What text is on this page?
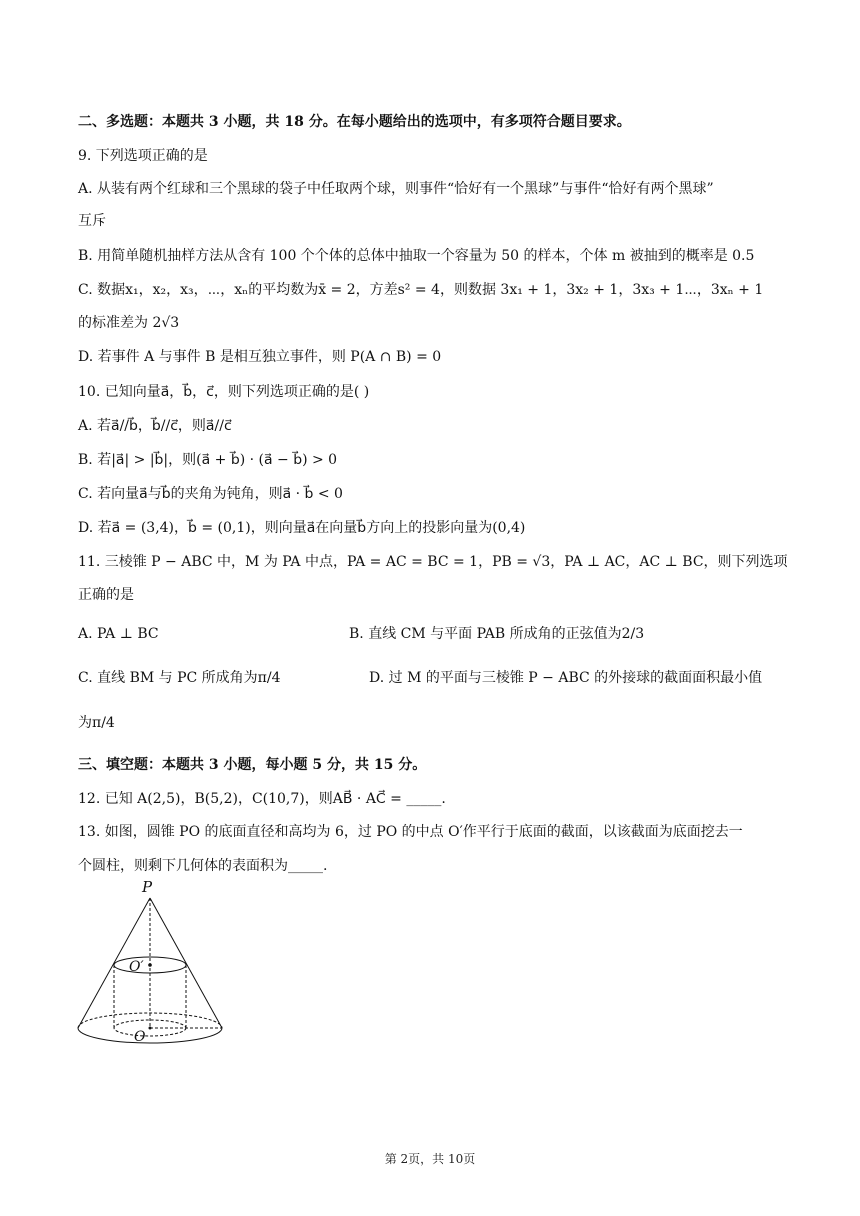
二、多选题：本题共 3 小题，共 18 分。在每小题给出的选项中，有多项符合题目要求。
9. 下列选项正确的是
A. 从装有两个红球和三个黑球的袋子中任取两个球，则事件“恰好有一个黑球”与事件“恰好有两个黑球”
互斥
B. 用简单随机抽样方法从含有 100 个个体的总体中抽取一个容量为 50 的样本，个体 m 被抽到的概率是 0.5
C. 数据x₁，x₂，x₃，⋯，xₙ的平均数为x̄ = 2，方差s² = 4，则数据 3x₁ + 1，3x₂ + 1，3x₃ + 1⋯，3xₙ + 1
的标准差为 2√3
D. 若事件 A 与事件 B 是相互独立事件，则 P(A ∩ B) = 0
10. 已知向量a⃗，b⃗，c⃗，则下列选项正确的是( )
A. 若a⃗//b⃗，b⃗//c⃗，则a⃗//c⃗
B. 若|a⃗| > |b⃗|，则(a⃗ + b⃗) · (a⃗ − b⃗) > 0
C. 若向量a⃗与b⃗的夹角为钝角，则a⃗ · b⃗ < 0
D. 若a⃗ = (3,4)，b⃗ = (0,1)，则向量a⃗在向量b⃗方向上的投影向量为(0,4)
11. 三棱锥 P − ABC 中，M 为 PA 中点，PA = AC = BC = 1，PB = √3，PA ⊥ AC，AC ⊥ BC，则下列选项
正确的是
A. PA ⊥ BC	B. 直线 CM 与平面 PAB 所成角的正弦值为2/3
C. 直线 BM 与 PC 所成角为π/4	D. 过 M 的平面与三棱锥 P − ABC 的外接球的截面面积最小值
为π/4
三、填空题：本题共 3 小题，每小题 5 分，共 15 分。
12. 已知 A(2,5)，B(5,2)，C(10,7)，则AB⃗ · AC⃗ = _____.
13. 如图，圆锥 PO 的底面直径和高均为 6，过 PO 的中点 O′作平行于底面的截面，以该截面为底面挖去一
个圆柱，则剩下几何体的表面积为_____.
P
O′
O
第 2页，共 10页
